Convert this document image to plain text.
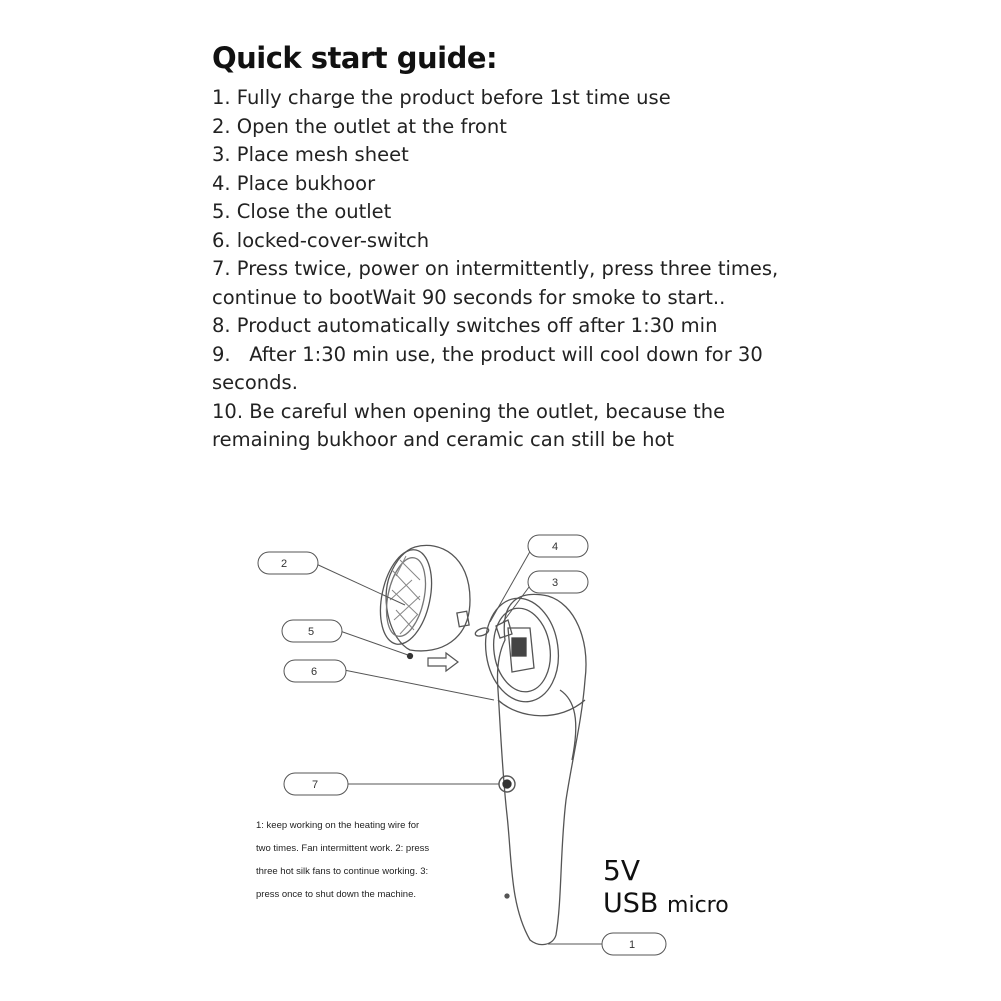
Quick start guide:
1. Fully charge the product before 1st time use
2. Open the outlet at the front
3. Place mesh sheet
4. Place bukhoor
5. Close the outlet
6. locked-cover-switch
7. Press twice, power on intermittently, press three times,
continue to bootWait 90 seconds for smoke to start..
8. Product automatically switches off after 1:30 min
9.   After 1:30 min use, the product will cool down for 30
seconds.
10. Be careful when opening the outlet, because the
remaining bukhoor and ceramic can still be hot
2
5
6
7
4
3
1
1: keep working on the heating wire for
two times. Fan intermittent work. 2: press
three hot silk fans to continue working. 3:
press once to shut down the machine.
5V
USB micro
